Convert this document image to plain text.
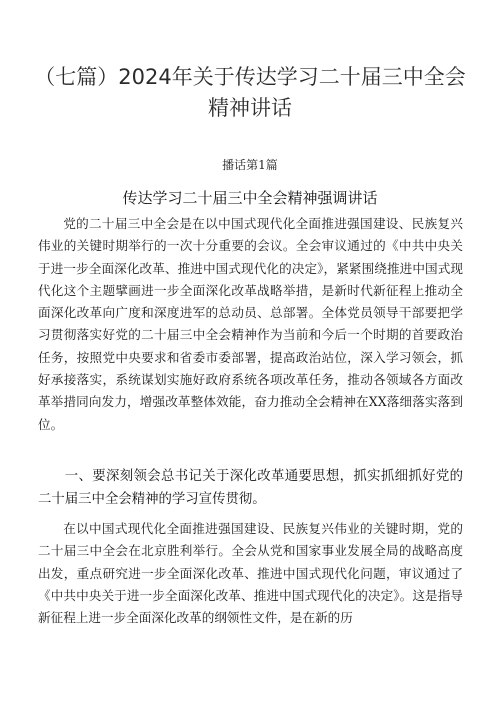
（七篇）2024年关于传达学习二十届三中全会精神讲话
播话第1篇
传达学习二十届三中全会精神强调讲话

党的二十届三中全会是在以中国式现代化全面推进强国建设、民族复兴伟业的关键时期举行的一次十分重要的会议。全会审议通过的《中共中央关于进一步全面深化改革、推进中国式现代化的决定》，紧紧围绕推进中国式现代化这个主题擘画进一步全面深化改革战略举措，是新时代新征程上推动全面深化改革向广度和深度进军的总动员、总部署。全体党员领导干部要把学习贯彻落实好党的二十届三中全会精神作为当前和今后一个时期的首要政治任务，按照党中央要求和省委市委部署，提高政治站位，深入学习领会，抓好承接落实，系统谋划实施好政府系统各项改革任务，推动各领域各方面改革举措同向发力，增强改革整体效能，奋力推动全会精神在XX落细落实落到位。

一、要深刻领会总书记关于深化改革通要思想，抓实抓细抓好党的二十届三中全会精神的学习宣传贯彻。

在以中国式现代化全面推进强国建设、民族复兴伟业的关键时期，党的二十届三中全会在北京胜利举行。全会从党和国家事业发展全局的战略高度出发，重点研究进一步全面深化改革、推进中国式现代化问题，审议通过了《中共中央关于进一步全面深化改革、推进中国式现代化的决定》。这是指导新征程上进一步全面深化改革的纲领性文件，是在新的历
